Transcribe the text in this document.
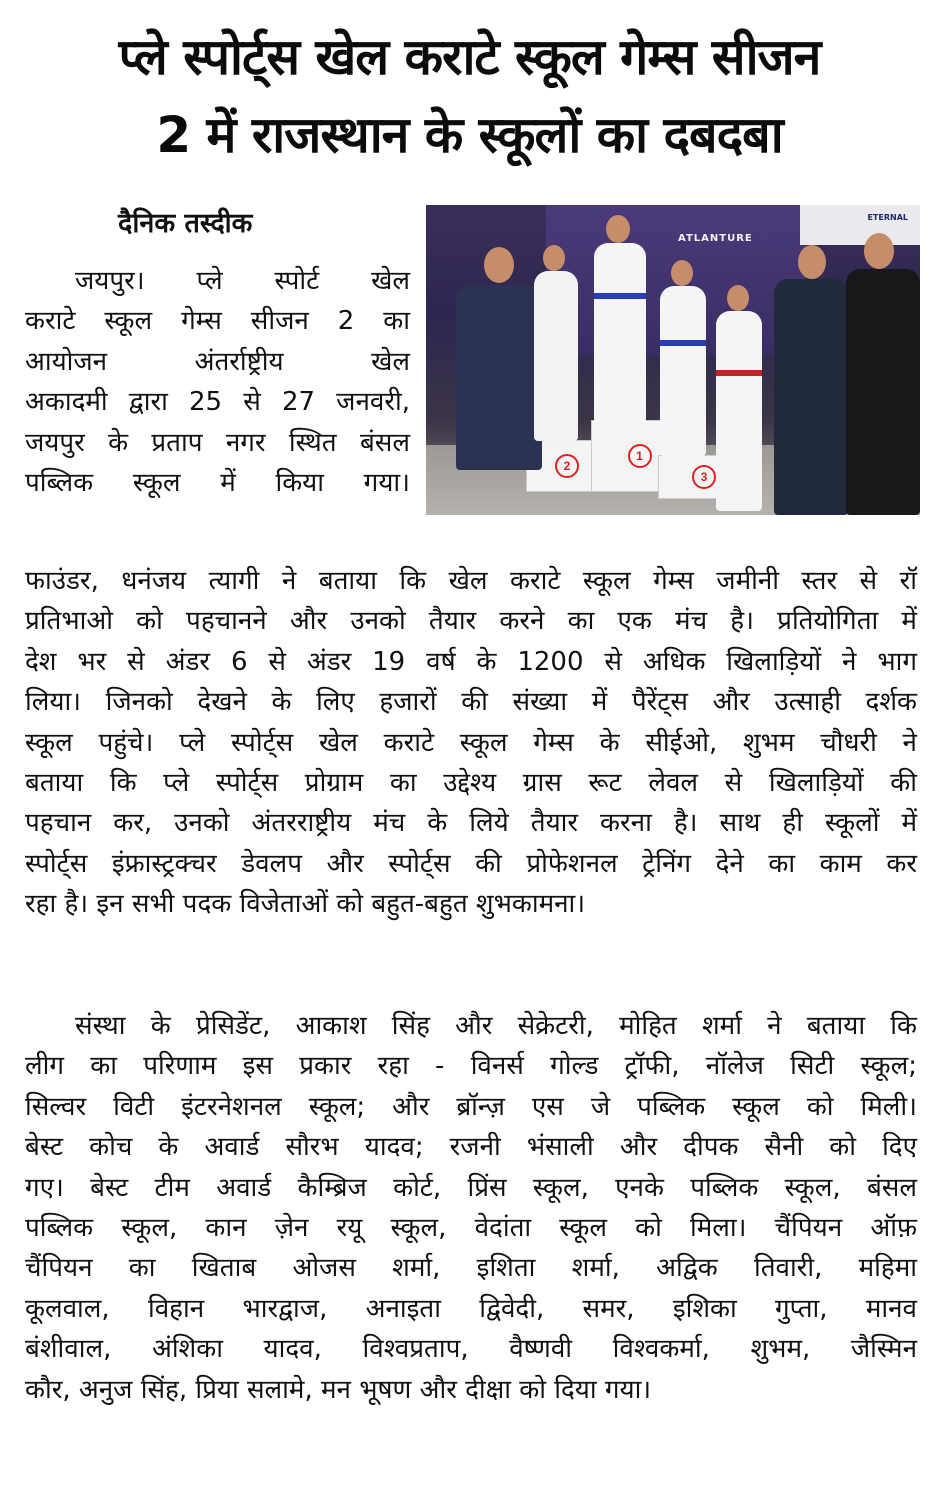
प्ले स्पोर्ट्स खेल कराटे स्कूल गेम्स सीजन
2 में राजस्थान के स्कूलों का दबदबा
दैनिक तस्दीक	ATLANTURE
ETERNAL
2
1
3
जयपुर। प्ले स्पोर्ट खेल
कराटे स्कूल गेम्स सीजन 2 का
आयोजन अंतर्राष्ट्रीय खेल
अकादमी द्वारा 25 से 27 जनवरी,
जयपुर के प्रताप नगर स्थित बंसल
पब्लिक स्कूल में किया गया।
फाउंडर, धनंजय त्यागी ने बताया कि खेल कराटे स्कूल गेम्स जमीनी स्तर से रॉ
प्रतिभाओ को पहचानने और उनको तैयार करने का एक मंच है। प्रतियोगिता में
देश भर से अंडर 6 से अंडर 19 वर्ष के 1200 से अधिक खिलाड़ियों ने भाग
लिया। जिनको देखने के लिए हजारों की संख्या में पैरेंट्स और उत्साही दर्शक
स्कूल पहुंचे। प्ले स्पोर्ट्स खेल कराटे स्कूल गेम्स के सीईओ, शुभम चौधरी ने
बताया कि प्ले स्पोर्ट्स प्रोग्राम का उद्देश्य ग्रास रूट लेवल से खिलाड़ियों की
पहचान कर, उनको अंतरराष्ट्रीय मंच के लिये तैयार करना है। साथ ही स्कूलों में
स्पोर्ट्स इंफ्रास्ट्रक्चर डेवलप और स्पोर्ट्स की प्रोफेशनल ट्रेनिंग देने का काम कर
रहा है। इन सभी पदक विजेताओं को बहुत-बहुत शुभकामना।
संस्था के प्रेसिडेंट, आकाश सिंह और सेक्रेटरी, मोहित शर्मा ने बताया कि
लीग का परिणाम इस प्रकार रहा - विनर्स गोल्ड ट्रॉफी, नॉलेज सिटी स्कूल;
सिल्वर विटी इंटरनेशनल स्कूल; और ब्रॉन्ज़ एस जे पब्लिक स्कूल को मिली।
बेस्ट कोच के अवार्ड सौरभ यादव; रजनी भंसाली और दीपक सैनी को दिए
गए। बेस्ट टीम अवार्ड कैम्ब्रिज कोर्ट, प्रिंस स्कूल, एनके पब्लिक स्कूल, बंसल
पब्लिक स्कूल, कान ज़ेन रयू स्कूल, वेदांता स्कूल को मिला। चैंपियन ऑफ़
चैंपियन का खिताब ओजस शर्मा, इशिता शर्मा, अद्विक तिवारी, महिमा
कूलवाल, विहान भारद्वाज, अनाइता द्विवेदी, समर, इशिका गुप्ता, मानव
बंशीवाल, अंशिका यादव, विश्वप्रताप, वैष्णवी विश्वकर्मा, शुभम, जैस्मिन
कौर, अनुज सिंह, प्रिया सलामे, मन भूषण और दीक्षा को दिया गया।
